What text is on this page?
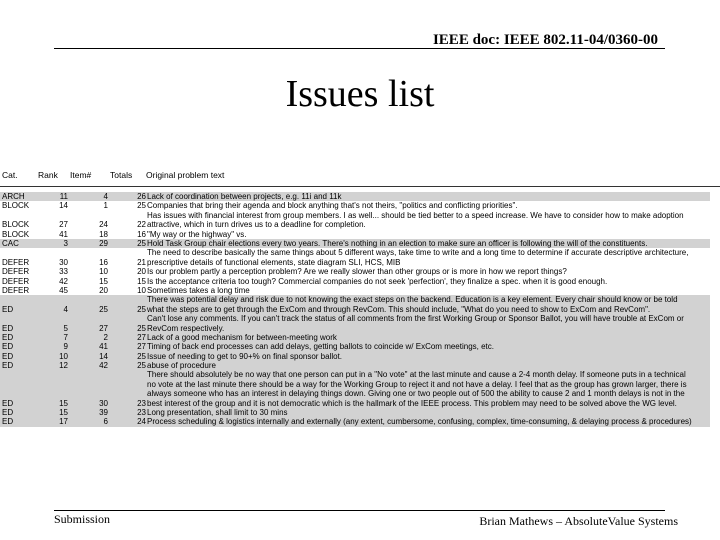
IEEE doc: IEEE 802.11-04/0360-00
Issues list
Cat. Rank Item# Totals Original problem text
ARCH	11	4	26 Lack of coordination between projects, e.g. 11i and 11k
BLOCK	14	1	25 Companies that bring their agenda and block anything that's not theirs, "politics and conflicting priorities".
Has issues with financial interest from group members. I as well... should be tied better to a speed increase. We have to consider how to make adoption
BLOCK	27	24	22 attractive, which in turn drives us to a deadline for completion.
BLOCK	41	18	16 "My way or the highway" vs.
CAC	3	29	25 Hold Task Group chair elections every two years. There's nothing in an election to make sure an officer is following the will of the constituents.
The need to describe basically the same things about 5 different ways, take time to write and a long time to determine if accurate descriptive architecture,
DEFER	30	16	21 prescriptive details of functional elements, state diagram SLI, HCS, MIB
DEFER	33	10	20 Is our problem partly a perception problem? Are we really slower than other groups or is more in how we report things?
DEFER	42	15	15 Is the acceptance criteria too tough? Commercial companies do not seek 'perfection', they finalize a spec. when it is good enough.
DEFER	45	20	10 Sometimes takes a long time
There was potential delay and risk due to not knowing the exact steps on the backend. Education is a key element. Every chair should know or be told
ED	4	25	25 what the steps are to get through the ExCom and through RevCom. This should include, "What do you need to show to ExCom and RevCom".
Can't lose any comments. If you can't track the status of all comments from the first Working Group or Sponsor Ballot, you will have trouble at ExCom or
ED	5	27	25 RevCom respectively.
ED	7	2	27 Lack of a good mechanism for between-meeting work
ED	9	41	27 Timing of back end processes can add delays, getting ballots to coincide w/ ExCom meetings, etc.
ED	10	14	25 Issue of needing to get to 90+% on final sponsor ballot.
ED	12	42	25 abuse of procedure
There should absolutely be no way that one person can put in a "No vote" at the last minute and cause a 2-4 month delay. If someone puts in a technical
no vote at the last minute there should be a way for the Working Group to reject it and not have a delay. I feel that as the group has grown larger, there is
always someone who has an interest in delaying things down. Giving one or two people out of 500 the ability to cause 2 and 1 month delays is not in the
ED	15	30	23 best interest of the group and it is not democratic which is the hallmark of the IEEE process. This problem may need to be solved above the WG level.
ED	15	39	23 Long presentation, shall limit to 30 mins
ED	17	6	24 Process scheduling & logistics internally and externally (any extent, cumbersome, confusing, complex, time-consuming, & delaying process & procedures)
Submission	Brian Mathews – AbsoluteValue Systems
